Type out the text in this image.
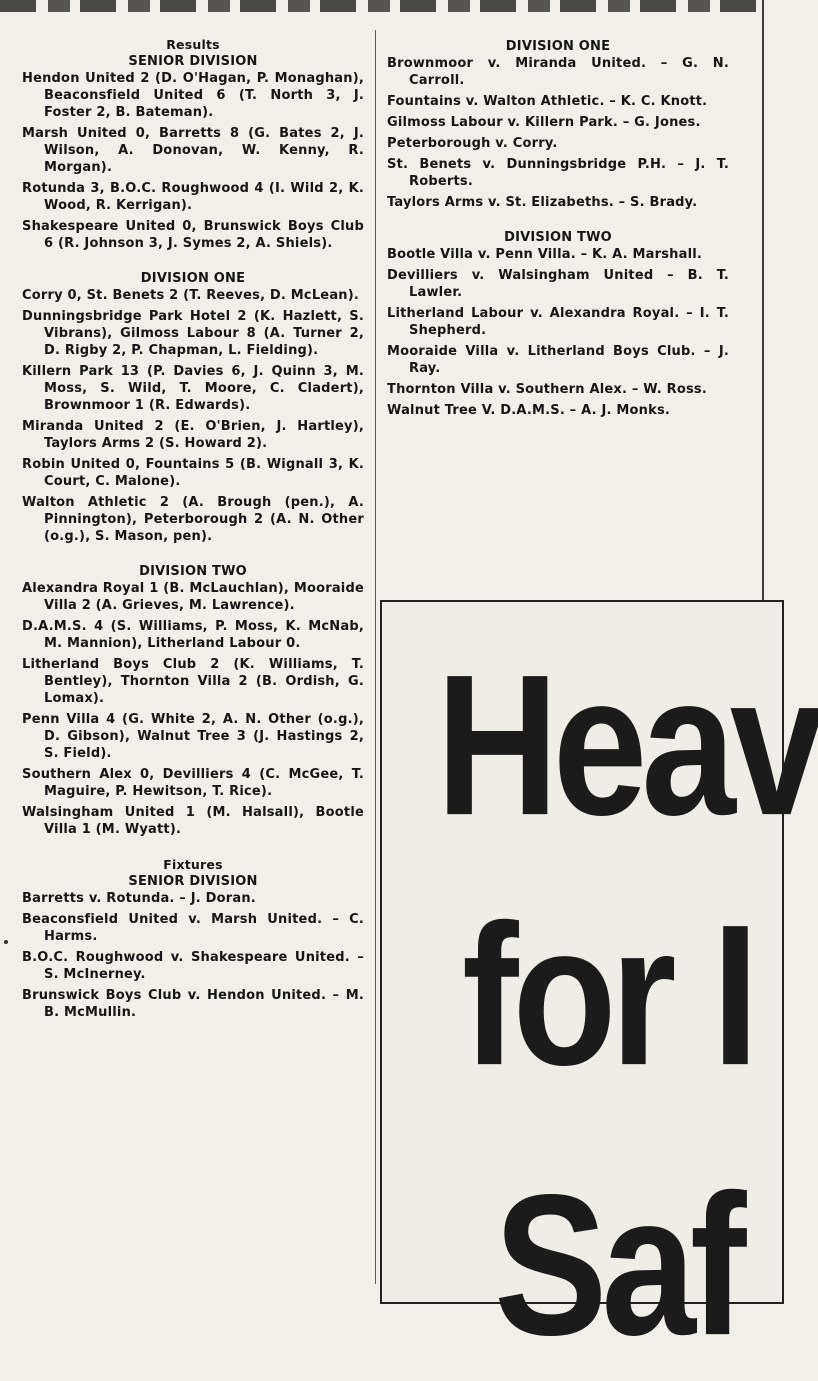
Results

SENIOR DIVISION

Hendon United 2 (D. O'Hagan, P. Monaghan), Beaconsfield United 6 (T. North 3, J. Foster 2, B. Bateman).

Marsh United 0, Barretts 8 (G. Bates 2, J. Wilson, A. Donovan, W. Kenny, R. Morgan).

Rotunda 3, B.O.C. Roughwood 4 (I. Wild 2, K. Wood, R. Kerrigan).

Shakespeare United 0, Brunswick Boys Club 6 (R. Johnson 3, J. Symes 2, A. Shiels).

DIVISION ONE

Corry 0, St. Benets 2 (T. Reeves, D. McLean).

Dunningsbridge Park Hotel 2 (K. Hazlett, S. Vibrans), Gilmoss Labour 8 (A. Turner 2, D. Rigby 2, P. Chapman, L. Fielding).

Killern Park 13 (P. Davies 6, J. Quinn 3, M. Moss, S. Wild, T. Moore, C. Cladert), Brownmoor 1 (R. Edwards).

Miranda United 2 (E. O'Brien, J. Hartley), Taylors Arms 2 (S. Howard 2).

Robin United 0, Fountains 5 (B. Wignall 3, K. Court, C. Malone).

Walton Athletic 2 (A. Brough (pen.), A. Pinnington), Peterborough 2 (A. N. Other (o.g.), S. Mason, pen).

DIVISION TWO

Alexandra Royal 1 (B. McLauchlan), Mooraide Villa 2 (A. Grieves, M. Lawrence).

D.A.M.S. 4 (S. Williams, P. Moss, K. McNab, M. Mannion), Litherland Labour 0.

Litherland Boys Club 2 (K. Williams, T. Bentley), Thornton Villa 2 (B. Ordish, G. Lomax).

Penn Villa 4 (G. White 2, A. N. Other (o.g.), D. Gibson), Walnut Tree 3 (J. Hastings 2, S. Field).

Southern Alex 0, Devilliers 4 (C. McGee, T. Maguire, P. Hewitson, T. Rice).

Walsingham United 1 (M. Halsall), Bootle Villa 1 (M. Wyatt).

Fixtures

SENIOR DIVISION

Barretts v. Rotunda. – J. Doran.

Beaconsfield United v. Marsh United. – C. Harms.

B.O.C. Roughwood v. Shakespeare United. – S. McInerney.

Brunswick Boys Club v. Hendon United. – M. B. McMullin.

DIVISION ONE

Brownmoor v. Miranda United. – G. N. Carroll.

Fountains v. Walton Athletic. – K. C. Knott.

Gilmoss Labour v. Killern Park. – G. Jones.

Peterborough v. Corry.

St. Benets v. Dunningsbridge P.H. – J. T. Roberts.

Taylors Arms v. St. Elizabeths. – S. Brady.

DIVISION TWO

Bootle Villa v. Penn Villa. – K. A. Marshall.

Devilliers v. Walsingham United – B. T. Lawler.

Litherland Labour v. Alexandra Royal. – I. T. Shepherd.

Mooraide Villa v. Litherland Boys Club. – J. Ray.

Thornton Villa v. Southern Alex. – W. Ross.

Walnut Tree V. D.A.M.S. – A. J. Monks.

Heav
for I
Saf
